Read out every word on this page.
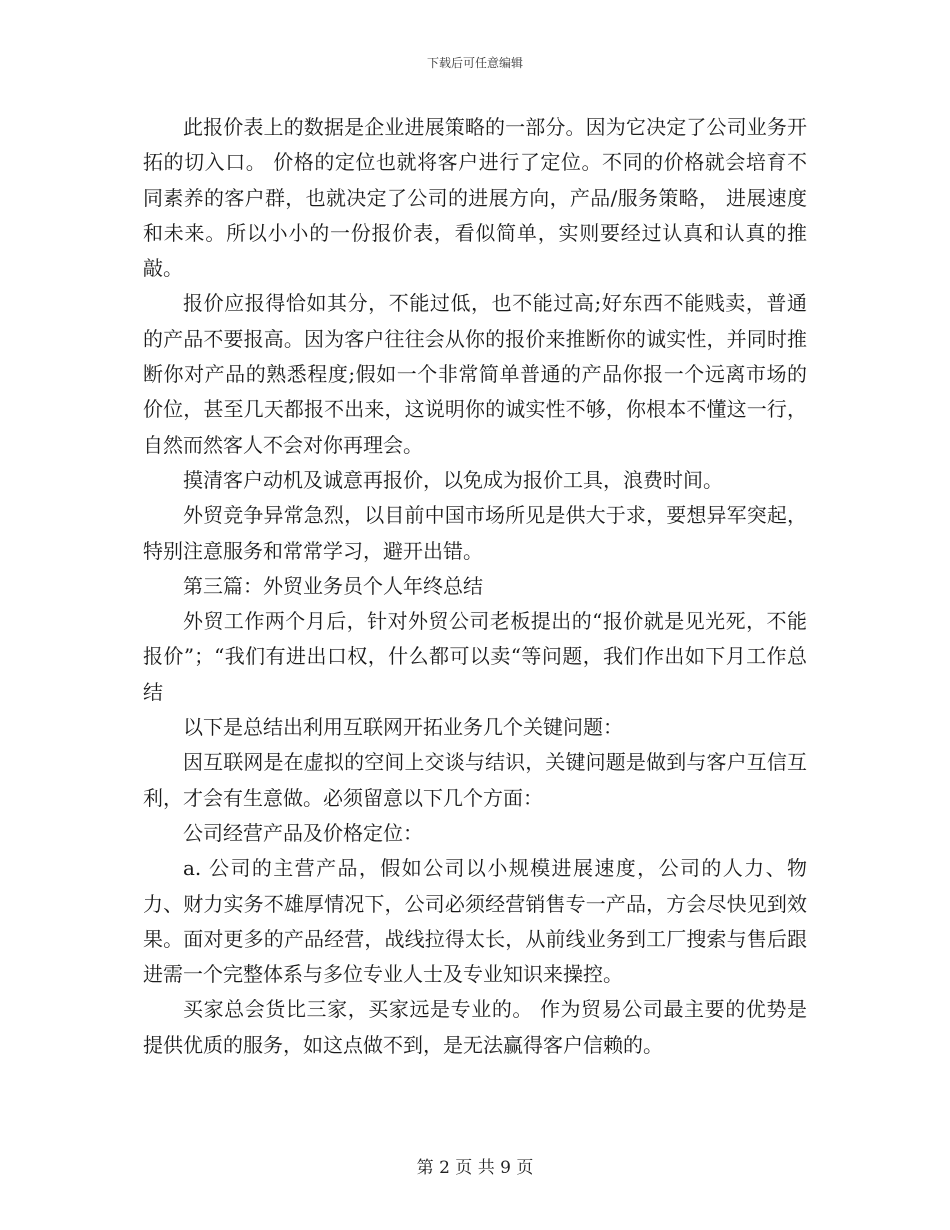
下载后可任意编辑

此报价表上的数据是企业进展策略的一部分。因为它决定了公司业务开拓的切入口。 价格的定位也就将客户进行了定位。不同的价格就会培育不同素养的客户群，也就决定了公司的进展方向，产品/服务策略， 进展速度和未来。所以小小的一份报价表，看似简单，实则要经过认真和认真的推敲。

报价应报得恰如其分，不能过低，也不能过高;好东西不能贱卖，普通的产品不要报高。因为客户往往会从你的报价来推断你的诚实性，并同时推断你对产品的熟悉程度;假如一个非常简单普通的产品你报一个远离市场的价位，甚至几天都报不出来，这说明你的诚实性不够，你根本不懂这一行，自然而然客人不会对你再理会。

摸清客户动机及诚意再报价，以免成为报价工具，浪费时间。

外贸竞争异常急烈，以目前中国市场所见是供大于求，要想异军突起，特别注意服务和常常学习，避开出错。

第三篇：外贸业务员个人年终总结

外贸工作两个月后，针对外贸公司老板提出的“报价就是见光死，不能报价”；“我们有进出口权，什么都可以卖“等问题，我们作出如下月工作总结

以下是总结出利用互联网开拓业务几个关键问题：

因互联网是在虚拟的空间上交谈与结识，关键问题是做到与客户互信互利，才会有生意做。必须留意以下几个方面：

公司经营产品及价格定位：

a. 公司的主营产品，假如公司以小规模进展速度，公司的人力、物力、财力实务不雄厚情况下，公司必须经营销售专一产品，方会尽快见到效果。面对更多的产品经营，战线拉得太长，从前线业务到工厂搜索与售后跟进需一个完整体系与多位专业人士及专业知识来操控。

买家总会货比三家，买家远是专业的。 作为贸易公司最主要的优势是提供优质的服务，如这点做不到，是无法赢得客户信赖的。

第 2 页 共 9 页
